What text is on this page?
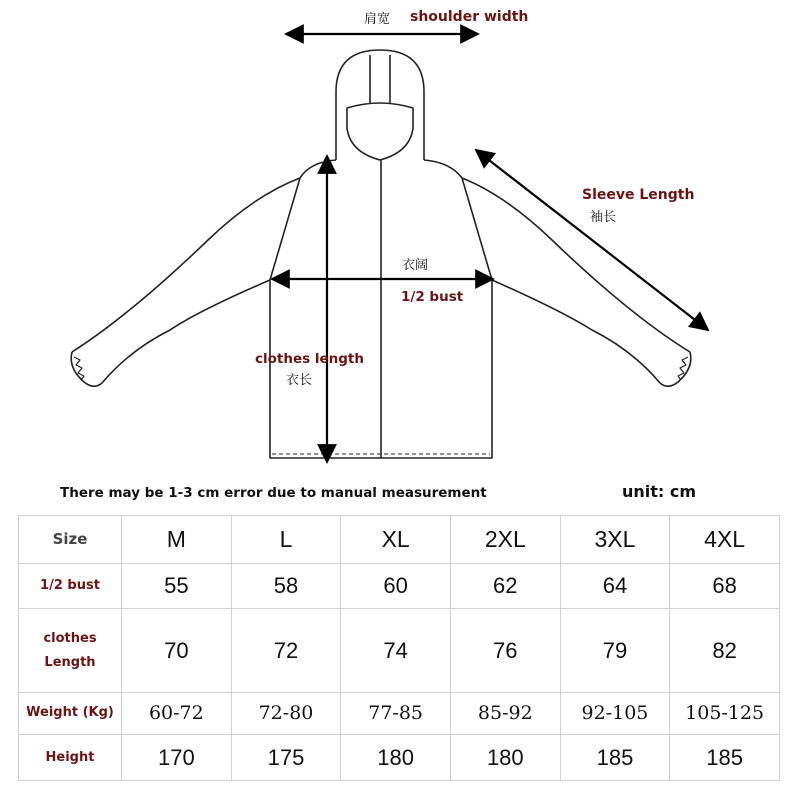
肩宽 shoulder width
Sleeve Length
袖长
衣阔
1/2 bust
clothes length
衣长
There may be 1-3 cm error due to manual measurement	unit: cm
Size	M	L	XL	2XL	3XL	4XL
1/2 bust	55	58	60	62	64	68

clothes
Length	70	72	74	76	79	82
Weight (Kg)	60-72	72-80	77-85	85-92	92-105	105-125
Height	170	175	180	180	185	185
